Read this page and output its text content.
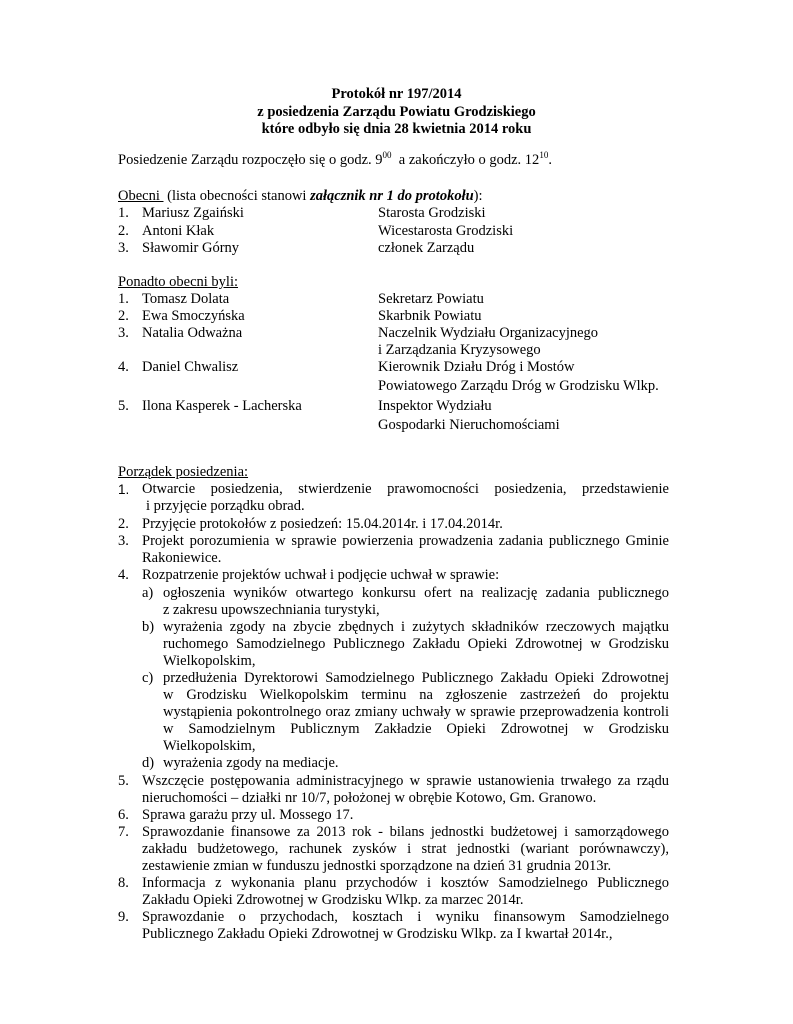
Protokół nr 197/2014
z posiedzenia Zarządu Powiatu Grodziskiego
które odbyło się dnia 28 kwietnia 2014 roku
Posiedzenie Zarządu rozpoczęło się o godz. $9^{00}$  a zakończyło o godz. $12^{10}$.
Obecni  (lista obecności stanowi załącznik nr 1 do protokołu):
1. Mariusz Zgaiński	Starosta Grodziski
2. Antoni Kłak	Wicestarosta Grodziski
3. Sławomir Górny	członek Zarządu
Ponadto obecni byli:
1. Tomasz Dolata	Sekretarz Powiatu
2. Ewa Smoczyńska	Skarbnik Powiatu
3. Natalia Odważna	Naczelnik Wydziału Organizacyjnego
i Zarządzania Kryzysowego
4. Daniel Chwalisz	Kierownik Działu Dróg i Mostów
Powiatowego Zarządu Dróg w Grodzisku Wlkp.
5. Ilona Kasperek - Lacherska	Inspektor Wydziału
Gospodarki Nieruchomościami
Porządek posiedzenia:
1. Otwarcie posiedzenia, stwierdzenie prawomocności posiedzenia, przedstawienie
i przyjęcie porządku obrad.
2. Przyjęcie protokołów z posiedzeń: 15.04.2014r. i 17.04.2014r.
3. Projekt porozumienia w sprawie powierzenia prowadzenia zadania publicznego Gminie
Rakoniewice.
4. Rozpatrzenie projektów uchwał i podjęcie uchwał w sprawie:
a) ogłoszenia wyników otwartego konkursu ofert na realizację zadania publicznego
z zakresu upowszechniania turystyki,
b) wyrażenia zgody na zbycie zbędnych i zużytych składników rzeczowych majątku
ruchomego Samodzielnego Publicznego Zakładu Opieki Zdrowotnej w Grodzisku
Wielkopolskim,
c) przedłużenia Dyrektorowi Samodzielnego Publicznego Zakładu Opieki Zdrowotnej
w Grodzisku Wielkopolskim terminu na zgłoszenie zastrzeżeń do projektu
wystąpienia pokontrolnego oraz zmiany uchwały w sprawie przeprowadzenia kontroli
w Samodzielnym Publicznym Zakładzie Opieki Zdrowotnej w Grodzisku
Wielkopolskim,
d) wyrażenia zgody na mediacje.
5. Wszczęcie postępowania administracyjnego w sprawie ustanowienia trwałego za rządu
nieruchomości – działki nr 10/7, położonej w obrębie Kotowo, Gm. Granowo.
6. Sprawa garażu przy ul. Mossego 17.
7. Sprawozdanie finansowe za 2013 rok - bilans jednostki budżetowej i samorządowego
zakładu budżetowego, rachunek zysków i strat jednostki (wariant porównawczy),
zestawienie zmian w funduszu jednostki sporządzone na dzień 31 grudnia 2013r.
8. Informacja z wykonania planu przychodów i kosztów Samodzielnego Publicznego
Zakładu Opieki Zdrowotnej w Grodzisku Wlkp. za marzec 2014r.
9. Sprawozdanie o przychodach, kosztach i wyniku finansowym Samodzielnego
Publicznego Zakładu Opieki Zdrowotnej w Grodzisku Wlkp. za I kwartał 2014r.,
